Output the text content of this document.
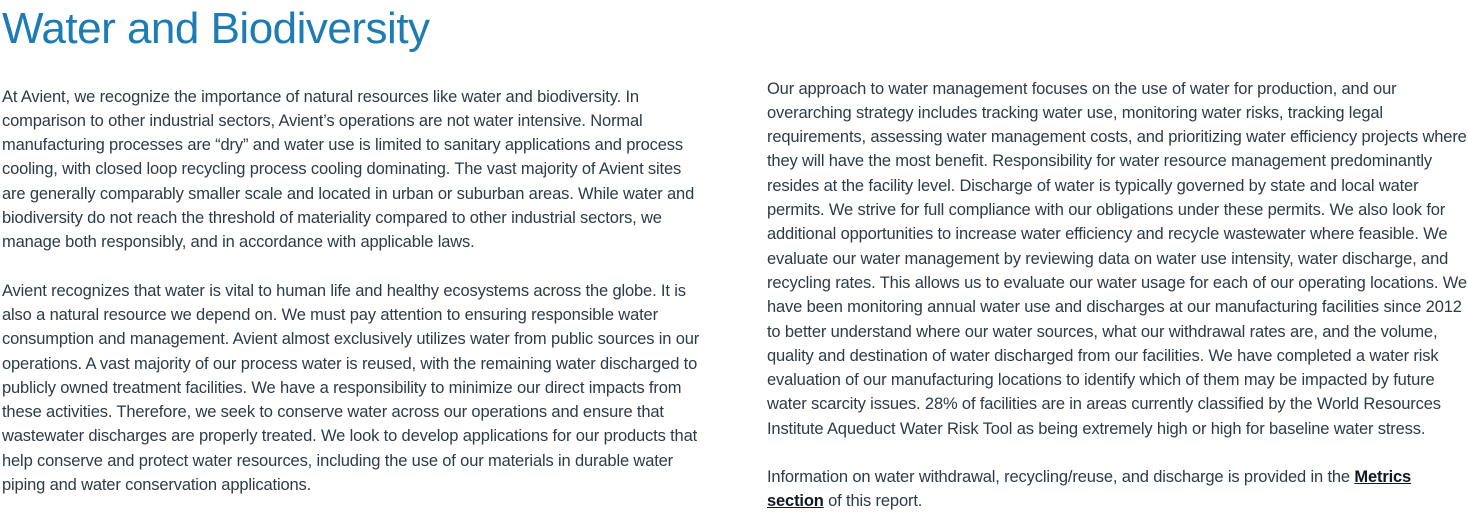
Water and Biodiversity

At Avient, we recognize the importance of natural resources like water and biodiversity. In comparison to other industrial sectors, Avient’s operations are not water intensive. Normal manufacturing processes are “dry” and water use is limited to sanitary applications and process cooling, with closed loop recycling process cooling dominating. The vast majority of Avient sites are generally comparably smaller scale and located in urban or suburban areas. While water and biodiversity do not reach the threshold of materiality compared to other industrial sectors, we manage both responsibly, and in accordance with applicable laws.

Avient recognizes that water is vital to human life and healthy ecosystems across the globe. It is also a natural resource we depend on. We must pay attention to ensuring responsible water consumption and management. Avient almost exclusively utilizes water from public sources in our operations. A vast majority of our process water is reused, with the remaining water discharged to publicly owned treatment facilities. We have a responsibility to minimize our direct impacts from these activities. Therefore, we seek to conserve water across our operations and ensure that wastewater discharges are properly treated. We look to develop applications for our products that help conserve and protect water resources, including the use of our materials in durable water piping and water conservation applications.

Our approach to water management focuses on the use of water for production, and our overarching strategy includes tracking water use, monitoring water risks, tracking legal requirements, assessing water management costs, and prioritizing water efficiency projects where they will have the most benefit. Responsibility for water resource management predominantly resides at the facility level. Discharge of water is typically governed by state and local water permits. We strive for full compliance with our obligations under these permits. We also look for additional opportunities to increase water efficiency and recycle wastewater where feasible. We evaluate our water management by reviewing data on water use intensity, water discharge, and recycling rates. This allows us to evaluate our water usage for each of our operating locations. We have been monitoring annual water use and discharges at our manufacturing facilities since 2012 to better understand where our water sources, what our withdrawal rates are, and the volume, quality and destination of water discharged from our facilities. We have completed a water risk evaluation of our manufacturing locations to identify which of them may be impacted by future water scarcity issues. 28% of facilities are in areas currently classified by the World Resources Institute Aqueduct Water Risk Tool as being extremely high or high for baseline water stress.

Information on water withdrawal, recycling/reuse, and discharge is provided in the Metrics section of this report.
